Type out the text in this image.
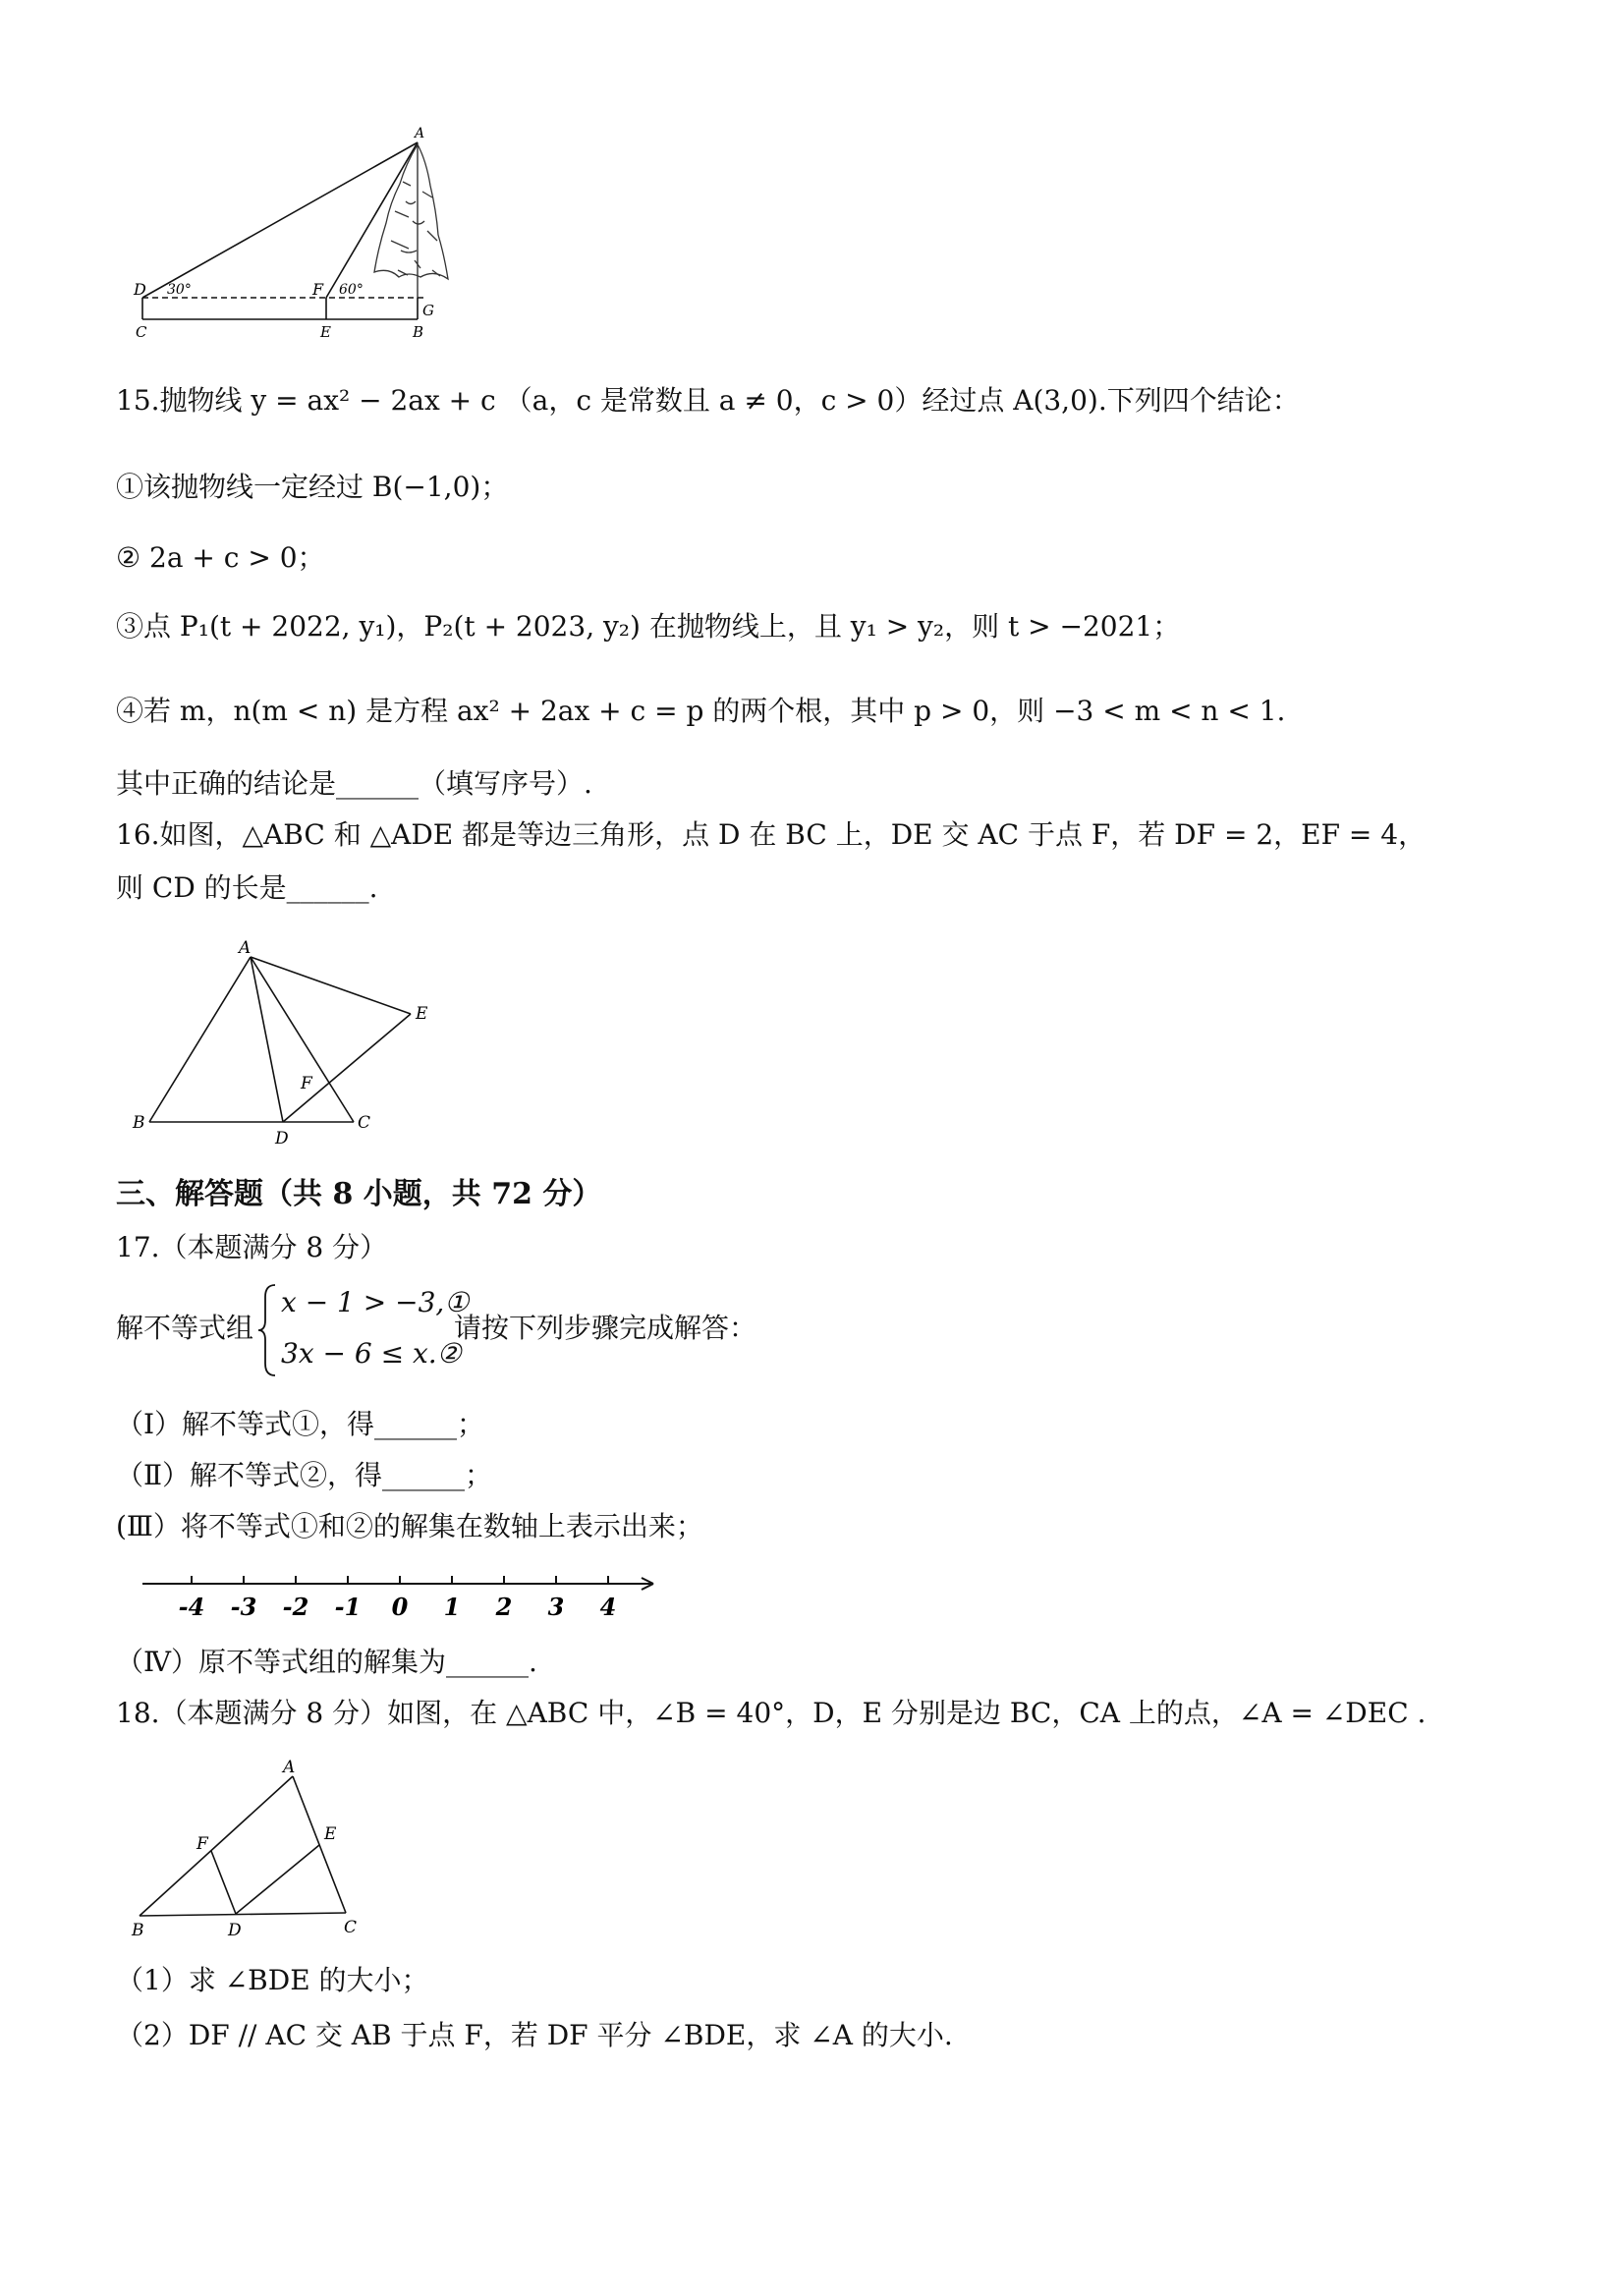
A
D 30°	F 60°
G
C	E	B
15.抛物线 y = ax² − 2ax + c （a，c 是常数且 a ≠ 0，c > 0）经过点 A(3,0).下列四个结论：
①该抛物线一定经过 B(−1,0)；
② 2a + c > 0；
③点 P₁(t + 2022, y₁)，P₂(t + 2023, y₂) 在抛物线上，且 y₁ > y₂，则 t > −2021；
④若 m，n(m < n) 是方程 ax² + 2ax + c = p 的两个根，其中 p > 0，则 −3 < m < n < 1.
其中正确的结论是______（填写序号）.
16.如图，△ABC 和 △ADE 都是等边三角形，点 D 在 BC 上，DE 交 AC 于点 F，若 DF = 2，EF = 4，
则 CD 的长是______.
A
B	C
D
E
F
三、解答题（共 8 小题，共 72 分）
17.（本题满分 8 分）
解不等式组
x − 1 > −3,①
3x − 6 ≤ x.②
请按下列步骤完成解答：
（Ⅰ）解不等式①，得______；
（Ⅱ）解不等式②，得______；
(Ⅲ）将不等式①和②的解集在数轴上表示出来；
-4 -3 -2 -1 0 1 2 3 4
（Ⅳ）原不等式组的解集为______.
18.（本题满分 8 分）如图，在 △ABC 中，∠B = 40°，D，E 分别是边 BC，CA 上的点，∠A = ∠DEC .
A
B	C
D
E
F
（1）求 ∠BDE 的大小；
（2）DF // AC 交 AB 于点 F，若 DF 平分 ∠BDE，求 ∠A 的大小.
